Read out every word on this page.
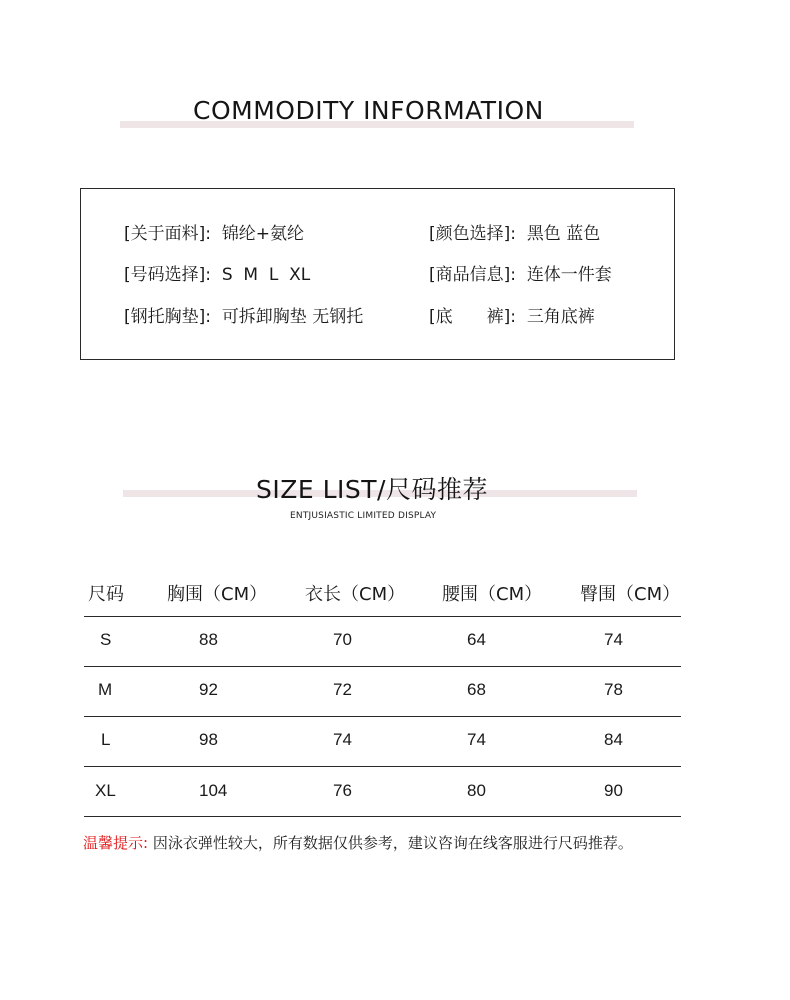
COMMODITY INFORMATION
[关于面料]:  锦纶+氨纶	[颜色选择]:  黑色 蓝色
[号码选择]:  S  M  L  XL	[商品信息]:  连体一件套
[钢托胸垫]:  可拆卸胸垫 无钢托	[底　　裤]:  三角底裤
SIZE LIST/尺码推荐
ENTJUSIASTIC LIMITED DISPLAY
尺码 胸围（CM） 衣长（CM） 腰围（CM） 臀围（CM）
S	88	70	64	74
M	92	72	68	78
L	98	74	74	84
XL	104	76	80	90
温馨提示: 因泳衣弹性较大，所有数据仅供参考，建议咨询在线客服进行尺码推荐。
